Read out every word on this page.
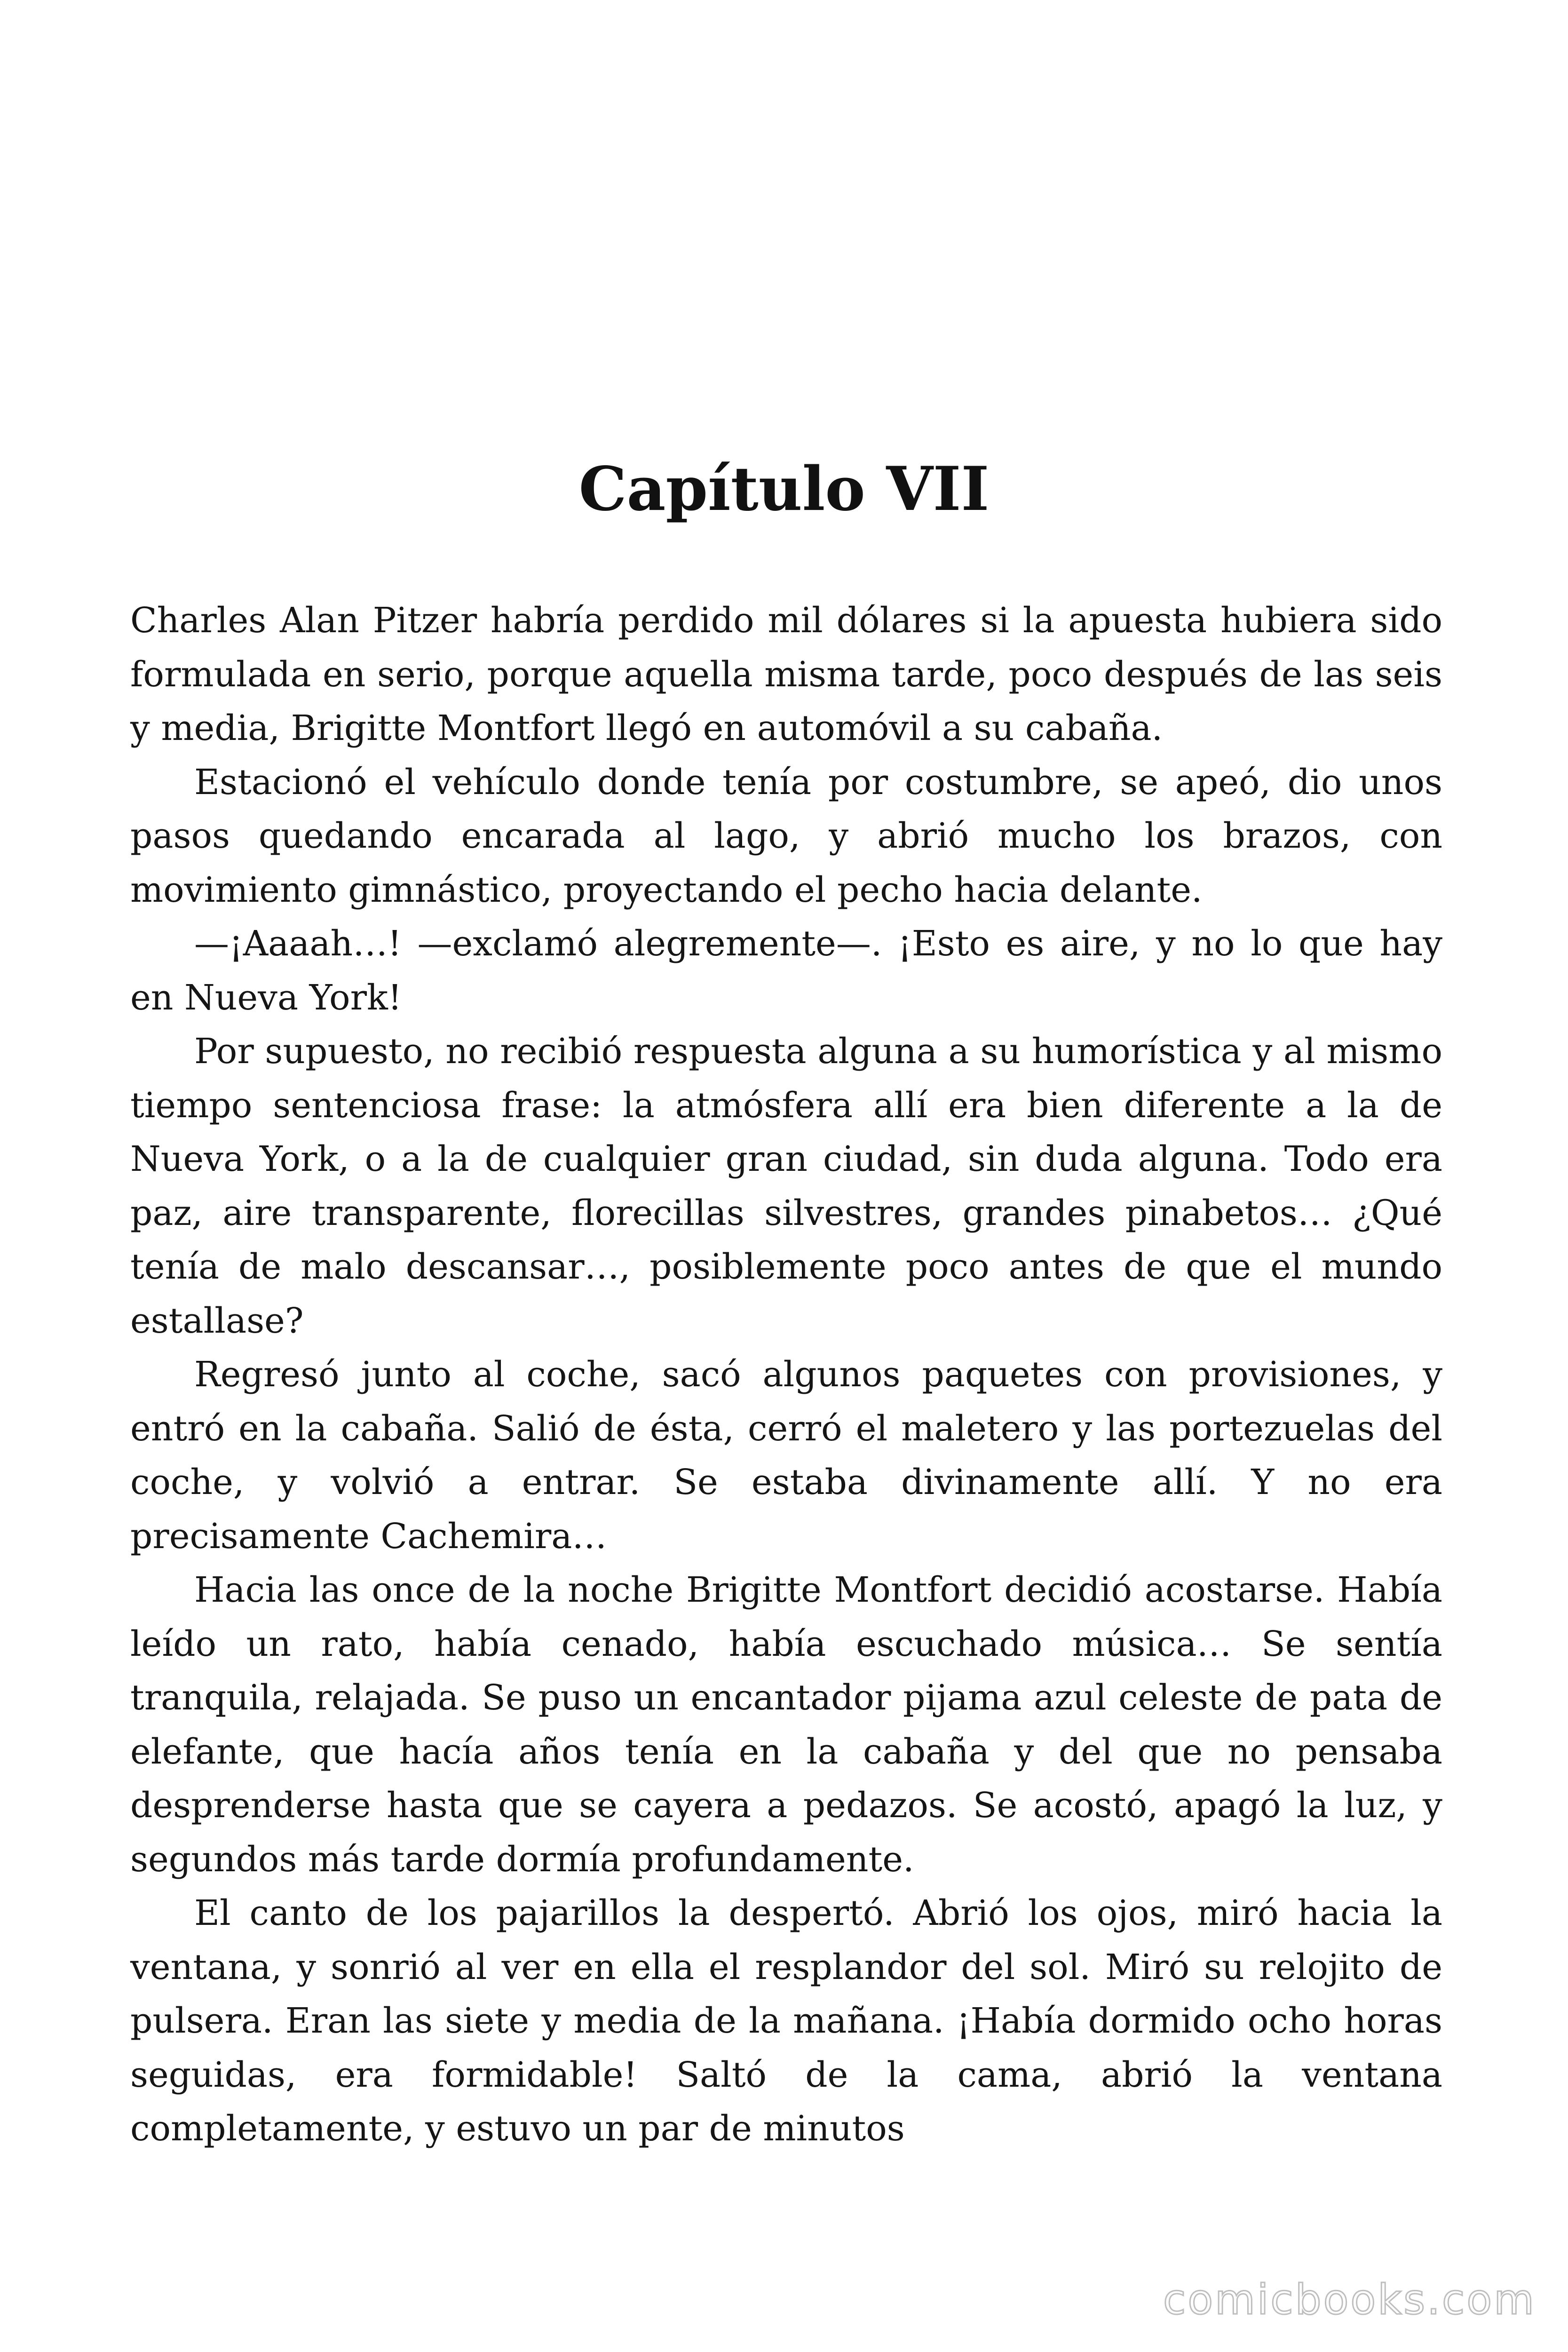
Capítulo VII

Charles Alan Pitzer habría perdido mil dólares si la apuesta hubiera sido formulada en serio, porque aquella misma tarde, poco después de las seis y media, Brigitte Montfort llegó en automóvil a su cabaña.

Estacionó el vehículo donde tenía por costumbre, se apeó, dio unos pasos quedando encarada al lago, y abrió mucho los brazos, con movimiento gimnástico, proyectando el pecho hacia delante.

—¡Aaaah…! —exclamó alegremente—. ¡Esto es aire, y no lo que hay en Nueva York!

Por supuesto, no recibió respuesta alguna a su humorística y al mismo tiempo sentenciosa frase: la atmósfera allí era bien diferente a la de Nueva York, o a la de cualquier gran ciudad, sin duda alguna. Todo era paz, aire transparente, florecillas silvestres, grandes pinabetos… ¿Qué tenía de malo descansar…, posiblemente poco antes de que el mundo estallase?

Regresó junto al coche, sacó algunos paquetes con provisiones, y entró en la cabaña. Salió de ésta, cerró el maletero y las portezuelas del coche, y volvió a entrar. Se estaba divinamente allí. Y no era precisamente Cachemira…

Hacia las once de la noche Brigitte Montfort decidió acostarse. Había leído un rato, había cenado, había escuchado música… Se sentía tranquila, relajada. Se puso un encantador pijama azul celeste de pata de elefante, que hacía años tenía en la cabaña y del que no pensaba desprenderse hasta que se cayera a pedazos. Se acostó, apagó la luz, y segundos más tarde dormía profundamente.

El canto de los pajarillos la despertó. Abrió los ojos, miró hacia la ventana, y sonrió al ver en ella el resplandor del sol. Miró su relojito de pulsera. Eran las siete y media de la mañana. ¡Había dormido ocho horas seguidas, era formidable! Saltó de la cama, abrió la ventana completamente, y estuvo un par de minutos

comicbooks.com
